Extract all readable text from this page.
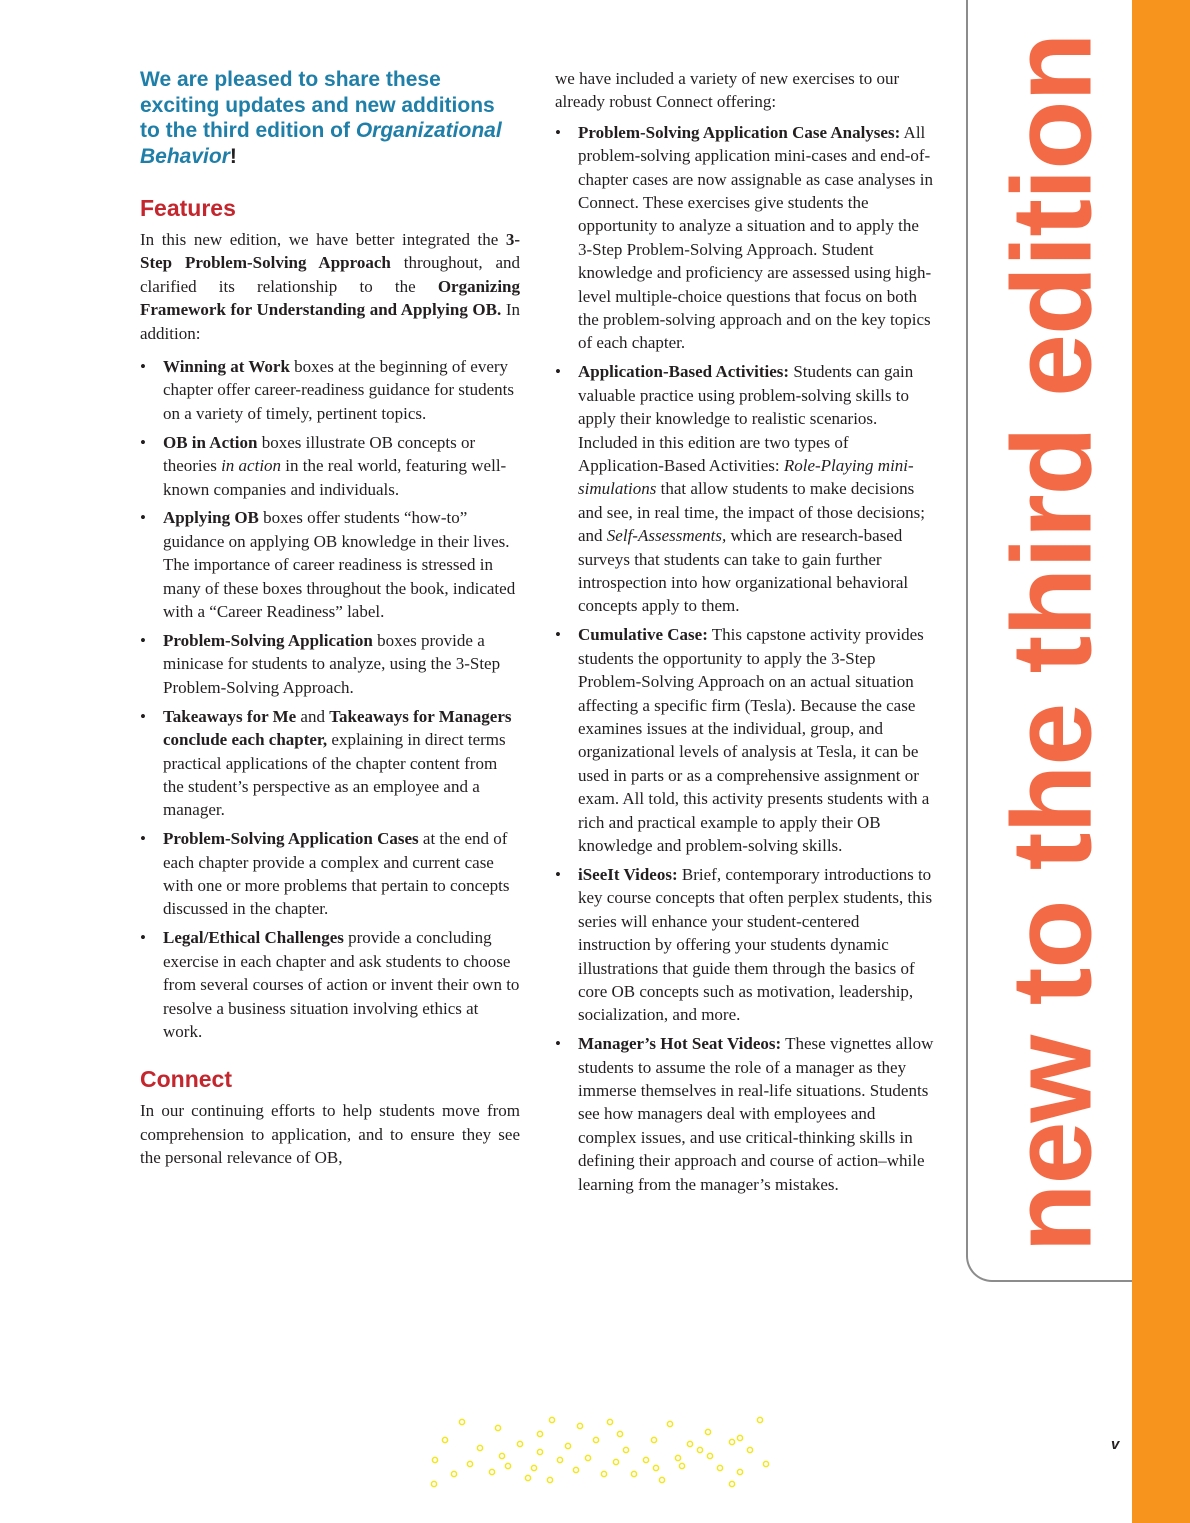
new to the third edition
We are pleased to share these exciting updates and new additions to the third edition of Organizational Behavior!
Features

In this new edition, we have better integrated the 3-Step Problem-Solving Approach throughout, and clarified its relationship to the Organizing Framework for Understanding and Applying OB. In addition:

• Winning at Work boxes at the beginning of every chapter offer career-readiness guidance for students on a variety of timely, pertinent topics.
• OB in Action boxes illustrate OB concepts or theories in action in the real world, featuring well-known companies and individuals.
• Applying OB boxes offer students “how-to” guidance on applying OB knowledge in their lives. The importance of career readiness is stressed in many of these boxes throughout the book, indicated with a “Career Readiness” label.
• Problem-Solving Application boxes provide a minicase for students to analyze, using the 3-Step Problem-Solving Approach.
• Takeaways for Me and Takeaways for Managers conclude each chapter, explaining in direct terms practical applications of the chapter content from the student’s perspective as an employee and a manager.
• Problem-Solving Application Cases at the end of each chapter provide a complex and current case with one or more problems that pertain to concepts discussed in the chapter.
• Legal/Ethical Challenges provide a concluding exercise in each chapter and ask students to choose from several courses of action or invent their own to resolve a business situation involving ethics at work.
Connect

In our continuing efforts to help students move from comprehension to application, and to ensure they see the personal relevance of OB,

we have included a variety of new exercises to our already robust Connect offering:

• Problem-Solving Application Case Analyses: All problem-solving application mini-cases and end-of-chapter cases are now assignable as case analyses in Connect. These exercises give students the opportunity to analyze a situation and to apply the 3-Step Problem-Solving Approach. Student knowledge and proficiency are assessed using high-level multiple-choice questions that focus on both the problem-solving approach and on the key topics of each chapter.
• Application-Based Activities: Students can gain valuable practice using problem-solving skills to apply their knowledge to realistic scenarios. Included in this edition are two types of Application-Based Activities: Role-Playing mini-simulations that allow students to make decisions and see, in real time, the impact of those decisions; and Self-Assessments, which are research-based surveys that students can take to gain further introspection into how organizational behavioral concepts apply to them.
• Cumulative Case: This capstone activity provides students the opportunity to apply the 3-Step Problem-Solving Approach on an actual situation affecting a specific firm (Tesla). Because the case examines issues at the individual, group, and organizational levels of analysis at Tesla, it can be used in parts or as a comprehensive assignment or exam. All told, this activity presents students with a rich and practical example to apply their OB knowledge and problem-solving skills.
• iSeeIt Videos: Brief, contemporary introductions to key course concepts that often perplex students, this series will enhance your student-centered instruction by offering your students dynamic illustrations that guide them through the basics of core OB concepts such as motivation, leadership, socialization, and more.
• Manager’s Hot Seat Videos: These vignettes allow students to assume the role of a manager as they immerse themselves in real-life situations. Students see how managers deal with employees and complex issues, and use critical-thinking skills in defining their approach and course of action–while learning from the manager’s mistakes.
v
